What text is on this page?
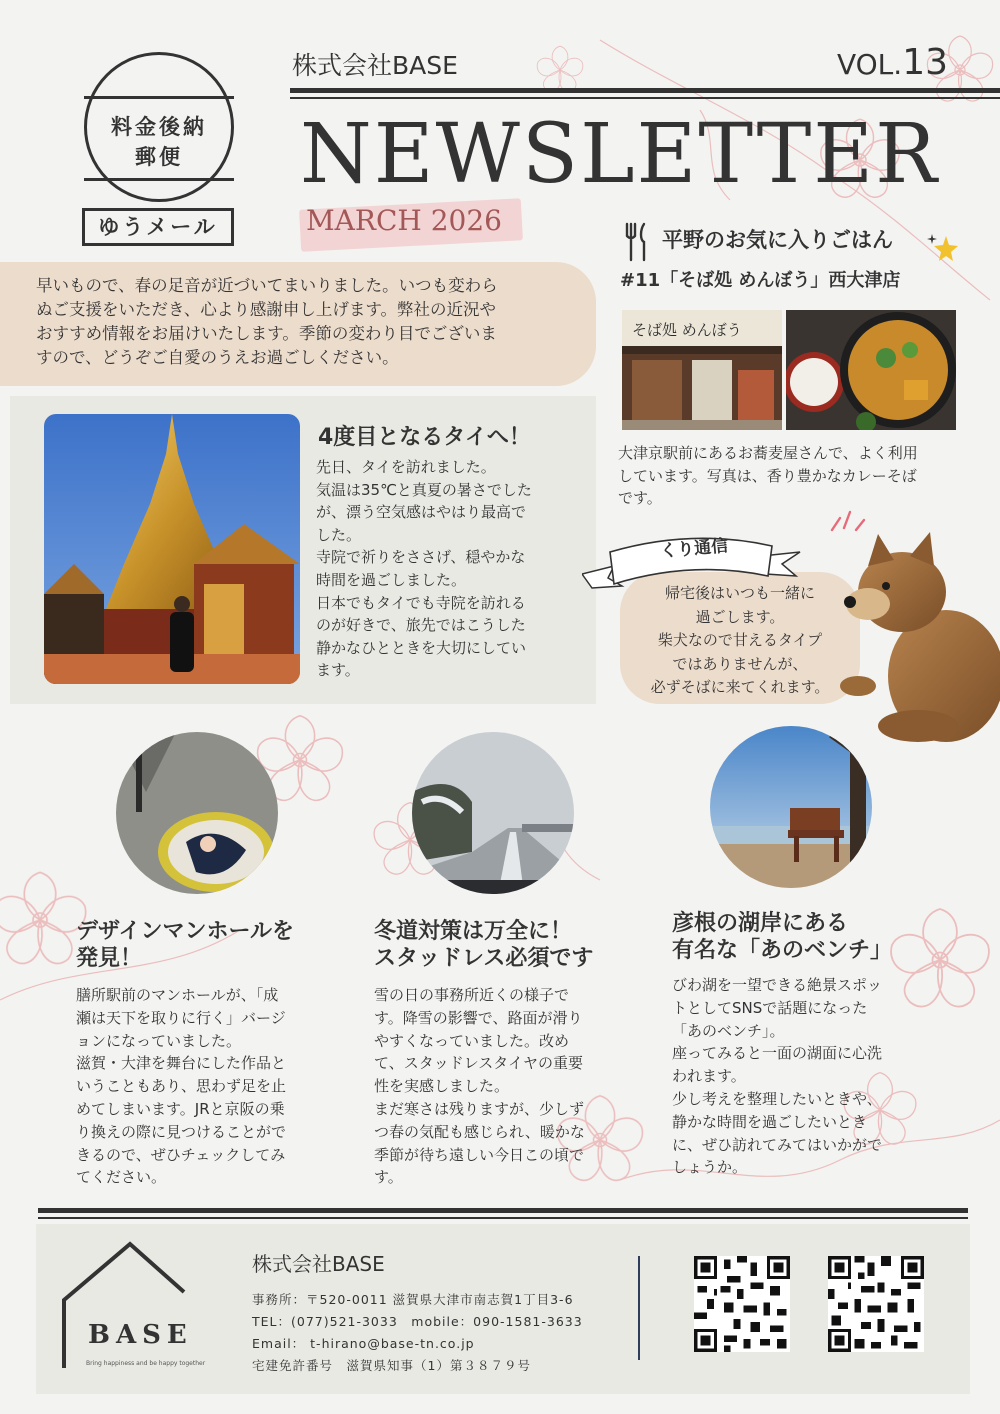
料金後納
郵便
ゆうメール
株式会社BASE	VOL.13
NEWSLETTER
MARCH 2026
早いもので、春の足音が近づいてまいりました。いつも変わら
ぬご支援をいただき、心より感謝申し上げます。弊社の近況や
おすすめ情報をお届けいたします。季節の変わり目でございま
すので、どうぞご自愛のうえお過ごしください。
4度目となるタイへ！
先日、タイを訪れました。
気温は35℃と真夏の暑さでした
が、漂う空気感はやはり最高で
した。
寺院で祈りをささげ、穏やかな
時間を過ごしました。
日本でもタイでも寺院を訪れる
のが好きで、旅先ではこうした
静かなひとときを大切にしてい
ます。
平野のお気に入りごはん
#11「そば処 めんぼう」西大津店
そば処 めんぼう
大津京駅前にあるお蕎麦屋さんで、よく利用
しています。写真は、香り豊かなカレーそば
です。
くり通信
帰宅後はいつも一緒に
過ごします。
柴犬なので甘えるタイプ
ではありませんが、
必ずそばに来てくれます。
デザインマンホールを
発見！
膳所駅前のマンホールが、「成
瀬は天下を取りに行く」バージ
ョンになっていました。
滋賀・大津を舞台にした作品と
いうこともあり、思わず足を止
めてしまいます。JRと京阪の乗
り換えの際に見つけることがで
きるので、ぜひチェックしてみ
てください。
冬道対策は万全に！
スタッドレス必須です
雪の日の事務所近くの様子で
す。降雪の影響で、路面が滑り
やすくなっていました。改め
て、スタッドレスタイヤの重要
性を実感しました。
まだ寒さは残りますが、少しず
つ春の気配も感じられ、暖かな
季節が待ち遠しい今日この頃で
す。
彦根の湖岸にある
有名な「あのベンチ」
びわ湖を一望できる絶景スポッ
トとしてSNSで話題になった
「あのベンチ」。
座ってみると一面の湖面に心洗
われます。
少し考えを整理したいときや、
静かな時間を過ごしたいとき
に、ぜひ訪れてみてはいかがで
しょうか。
BASE
Bring happiness and be happy together
株式会社BASE
事務所：〒520-0011 滋賀県大津市南志賀1丁目3-6
TEL：(077)521-3033　mobile：090-1581-3633
Email： t-hirano@base-tn.co.jp
宅建免許番号　滋賀県知事（1）第３８７９号
